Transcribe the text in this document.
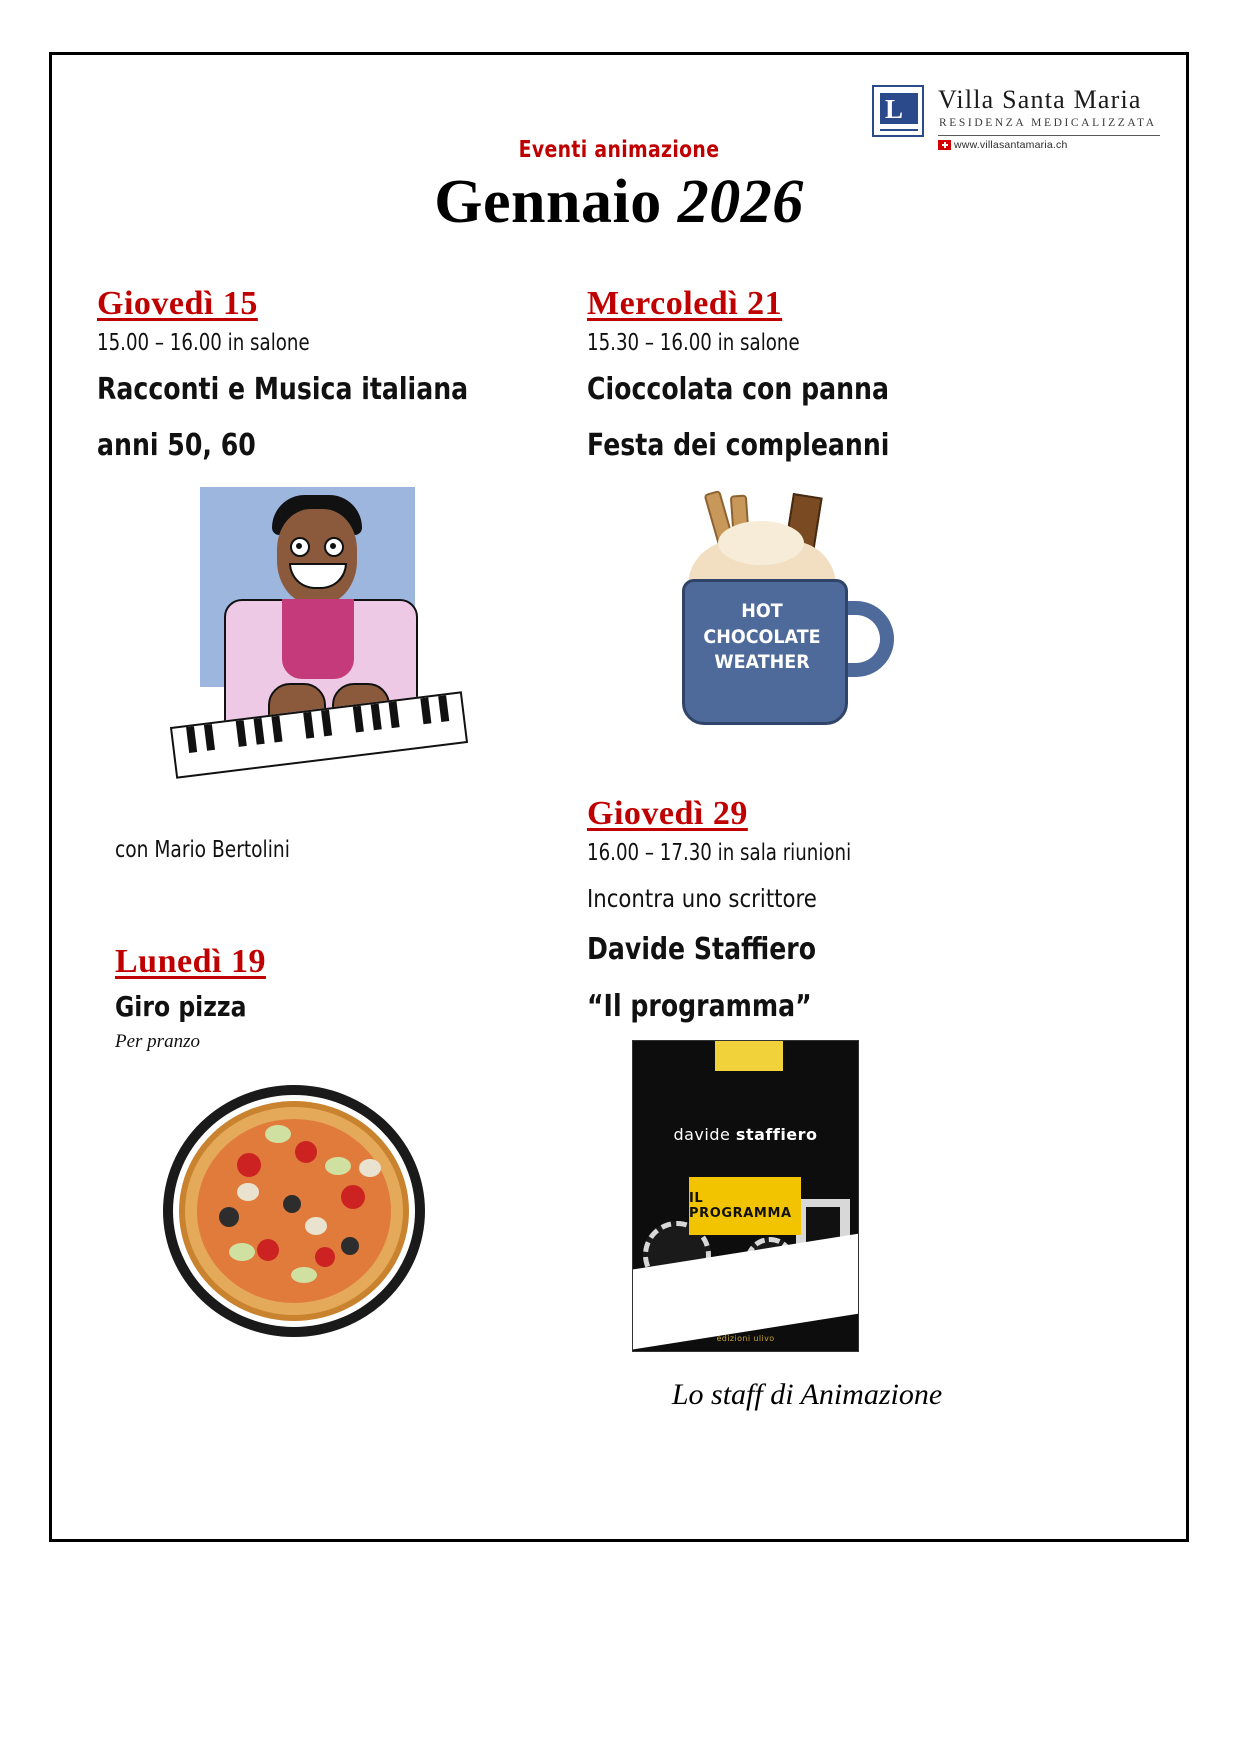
L Villa Santa Maria
RESIDENZA MEDICALIZZATA
www.villasantamaria.ch
Eventi animazione
Gennaio 2026
Giovedì 15
15.00 – 16.00 in salone
Racconti e Musica italiana
anni 50, 60
con Mario Bertolini
Lunedì 19
Giro pizza
Per pranzo
Mercoledì 21
15.30 – 16.00 in salone
Cioccolata con panna
Festa dei compleanni
HOT CHOCOLATE WEATHER
Giovedì 29
16.00 – 17.30 in sala riunioni
Incontra uno scrittore
Davide Staffiero
“Il programma”
davide staffiero
IL PROGRAMMA
edizioni ulivo
Lo staff di Animazione
